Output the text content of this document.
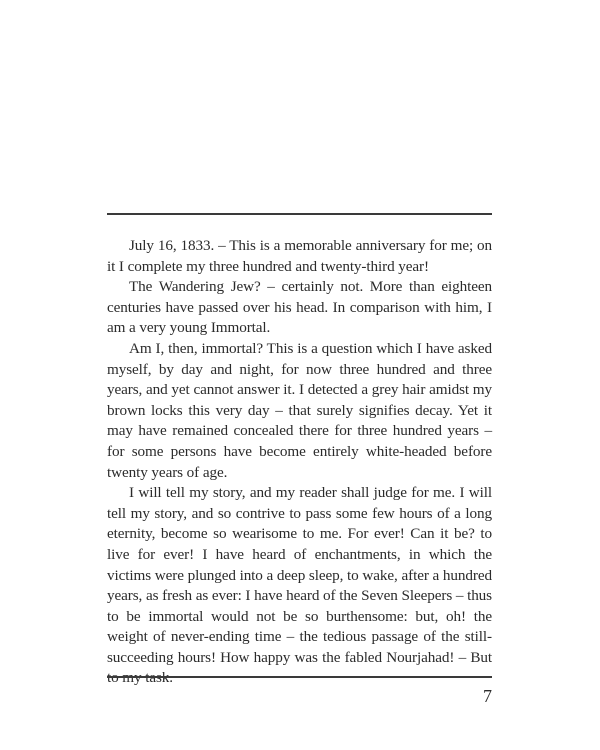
July 16, 1833. – This is a memorable anniversary for me; on it I complete my three hundred and twenty-third year!

The Wandering Jew? – certainly not. More than eighteen centuries have passed over his head. In comparison with him, I am a very young Immortal.

Am I, then, immortal? This is a question which I have asked myself, by day and night, for now three hundred and three years, and yet cannot answer it. I detected a grey hair amidst my brown locks this very day – that surely signifies decay. Yet it may have remained concealed there for three hundred years – for some persons have become entirely white-headed before twenty years of age.

I will tell my story, and my reader shall judge for me. I will tell my story, and so contrive to pass some few hours of a long eternity, become so wearisome to me. For ever! Can it be? to live for ever! I have heard of enchantments, in which the victims were plunged into a deep sleep, to wake, after a hundred years, as fresh as ever: I have heard of the Seven Sleepers – thus to be immortal would not be so burthensome: but, oh! the weight of never-ending time – the tedious passage of the still-succeeding hours! How happy was the fabled Nourjahad! – But to my task.

7
